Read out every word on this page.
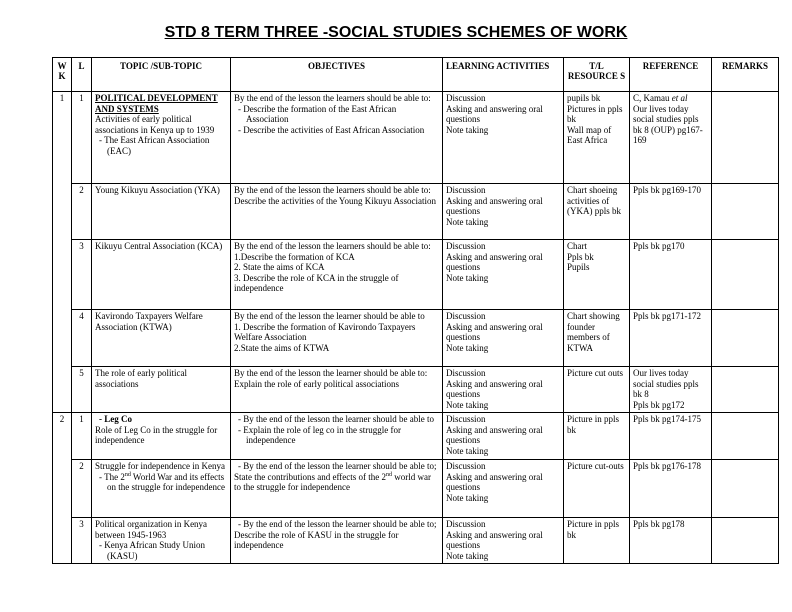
STD 8 TERM THREE -SOCIAL STUDIES SCHEMES OF WORK
W K	L	TOPIC /SUB-TOPIC	OBJECTIVES	LEARNING ACTIVITIES	T/L RESOURCE S	REFERENCE	REMARKS
1	1	POLITICAL DEVELOPMENT AND SYSTEMS
Activities of early political associations in Kenya up to 1939
- The East African Association (EAC)	By the end of the lesson the learners should be able to:
- Describe the formation of the East African Association
- Describe the activities of East African Association	Discussion
Asking and answering oral questions
Note taking	pupils bk
Pictures in ppls bk
Wall map of East Africa	C, Kamau et al
Our lives today social studies ppls bk 8 (OUP) pg167-169	

	2	Young Kikuyu Association (YKA)	By the end of the lesson the learners should be able to:
Describe the activities of the Young Kikuyu Association	Discussion
Asking and answering oral questions
Note taking	Chart shoeing activities of (YKA) ppls bk	Ppls bk pg169-170	

	3	Kikuyu Central Association (KCA)	By the end of the lesson the learners should be able to:
1.Describe the formation of KCA
2. State the aims of KCA
3. Describe the role of KCA in the struggle of independence	Discussion
Asking and answering oral questions
Note taking	Chart
Ppls bk
Pupils	Ppls bk pg170	

	4	Kavirondo Taxpayers Welfare Association (KTWA)	By the end of the lesson the learner should be able to
1. Describe the formation of Kavirondo Taxpayers Welfare Association
2.State the aims of KTWA	Discussion
Asking and answering oral questions
Note taking	Chart showing founder members of KTWA	Ppls bk pg171-172	

	5	The role of early political associations	By the end of the lesson the learner should be able to:
Explain the role of early political associations	Discussion
Asking and answering oral questions
Note taking	Picture cut outs	Our lives today social studies ppls bk 8
Ppls bk pg172	

2	1	- Leg Co
Role of Leg Co in the struggle for independence	- By the end of the lesson the learner should be able to
- Explain the role of leg co in the struggle for independence	Discussion
Asking and answering oral questions
Note taking	Picture in ppls bk	Ppls bk pg174-175	

	2	Struggle for independence in Kenya
- The 2nd World War and its effects on the struggle for independence	- By the end of the lesson the learner should be able to;
State the contributions and effects of the 2nd world war to the struggle for independence	Discussion
Asking and answering oral questions
Note taking	Picture cut-outs	Ppls bk pg176-178	

	3	Political organization in Kenya between 1945-1963
- Kenya African Study Union (KASU)	- By the end of the lesson the learner should be able to;
Describe the role of KASU in the struggle for independence	Discussion
Asking and answering oral questions
Note taking	Picture in ppls bk	Ppls bk pg178	
